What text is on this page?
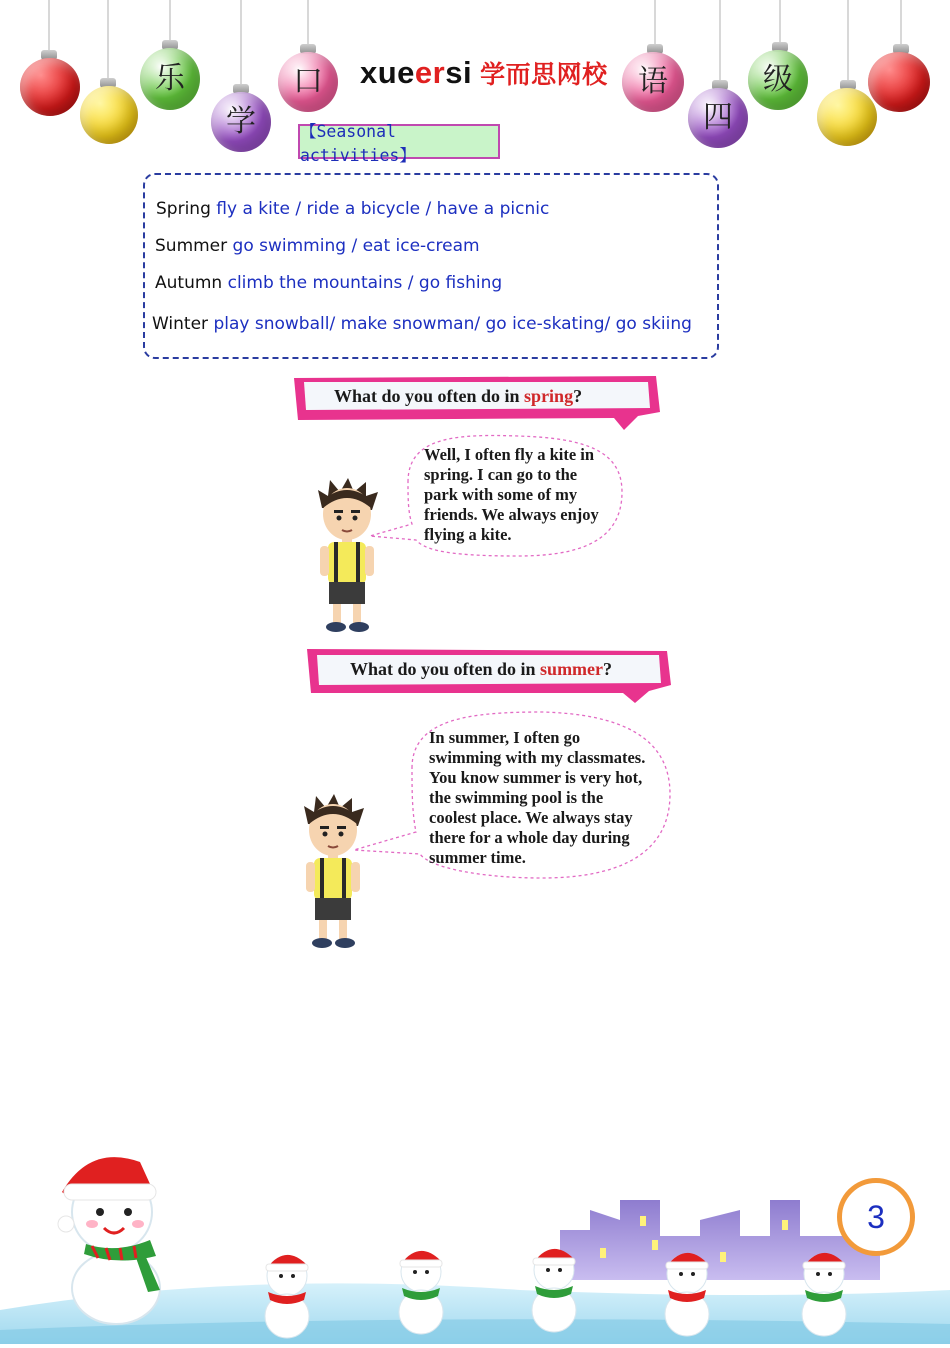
乐
学
口	语
四
级
xueersi 学而思网校
【Seasonal activities】
Spring fly a kite / ride a bicycle / have a picnic
Summer go swimming / eat ice-cream
Autumn climb the mountains / go fishing
Winter play snowball/ make snowman/ go ice-skating/ go skiing
What do you often do in spring?
Well, I often fly a kite in
spring. I can go to the
park with some of my
friends. We always enjoy
flying a kite.
What do you often do in summer?
In summer, I often go
swimming with my classmates.
You know summer is very hot,
the swimming pool is the
coolest place. We always stay
there for a whole day during
summer time.
3
